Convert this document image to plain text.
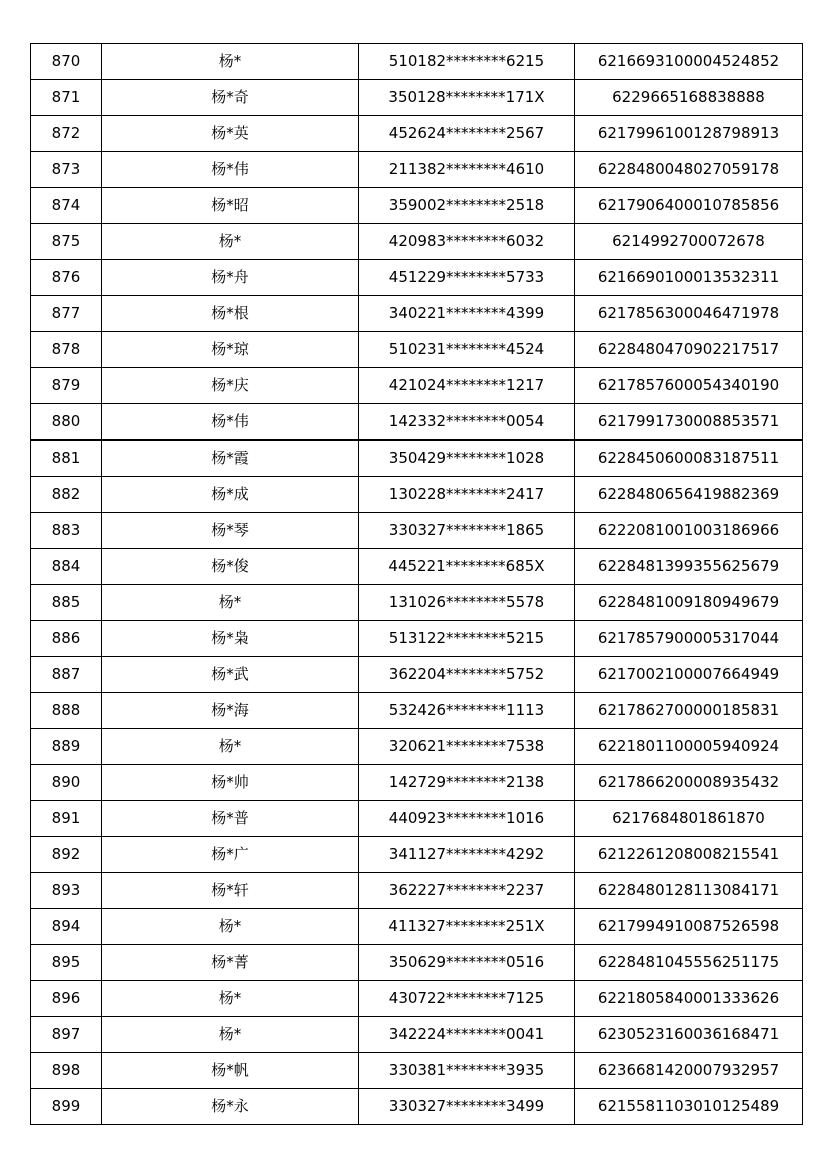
870	杨*	510182********6215	6216693100004524852
871	杨*奇	350128********171X	6229665168838888
872	杨*英	452624********2567	6217996100128798913
873	杨*伟	211382********4610	6228480048027059178
874	杨*昭	359002********2518	6217906400010785856
875	杨*	420983********6032	6214992700072678
876	杨*舟	451229********5733	6216690100013532311
877	杨*根	340221********4399	6217856300046471978
878	杨*琼	510231********4524	6228480470902217517
879	杨*庆	421024********1217	6217857600054340190
880	杨*伟	142332********0054	6217991730008853571
881	杨*霞	350429********1028	6228450600083187511
882	杨*成	130228********2417	6228480656419882369
883	杨*琴	330327********1865	6222081001003186966
884	杨*俊	445221********685X	6228481399355625679
885	杨*	131026********5578	6228481009180949679
886	杨*枭	513122********5215	6217857900005317044
887	杨*武	362204********5752	6217002100007664949
888	杨*海	532426********1113	6217862700000185831
889	杨*	320621********7538	6221801100005940924
890	杨*帅	142729********2138	6217866200008935432
891	杨*普	440923********1016	6217684801861870
892	杨*广	341127********4292	6212261208008215541
893	杨*轩	362227********2237	6228480128113084171
894	杨*	411327********251X	6217994910087526598
895	杨*菁	350629********0516	6228481045556251175
896	杨*	430722********7125	6221805840001333626
897	杨*	342224********0041	6230523160036168471
898	杨*帆	330381********3935	6236681420007932957
899	杨*永	330327********3499	6215581103010125489
